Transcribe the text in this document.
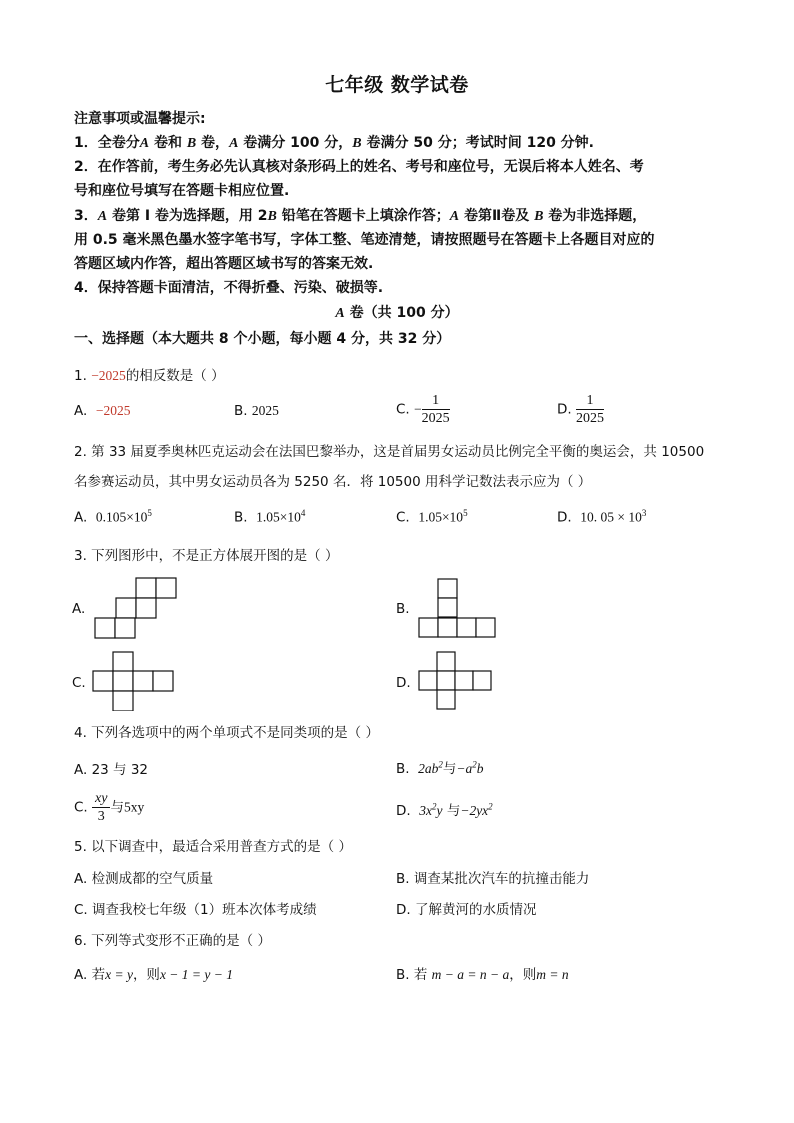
七年级 数学试卷
注意事项或温馨提示:
1．全卷分A 卷和 B 卷，A 卷满分 100 分，B 卷满分 50 分；考试时间 120 分钟.
2．在作答前，考生务必先认真核对条形码上的姓名、考号和座位号，无误后将本人姓名、考
号和座位号填写在答题卡相应位置.
3．A 卷第 Ⅰ 卷为选择题，用 2B 铅笔在答题卡上填涂作答；A 卷第Ⅱ卷及 B 卷为非选择题，
用 0.5 毫米黑色墨水签字笔书写，字体工整、笔迹清楚，请按照题号在答题卡上各题目对应的
答题区域内作答，超出答题区域书写的答案无效.
4．保持答题卡面清洁，不得折叠、污染、破损等.
A 卷（共 100 分）
一、选择题（本大题共 8 个小题，每小题 4 分，共 32 分）
1. −2025的相反数是（ ）
A. −2025	B. 2025	C. − $\frac{1}{2025}$	D. $\frac{1}{2025}$
2. 第 33 届夏季奥林匹克运动会在法国巴黎举办，这是首届男女运动员比例完全平衡的奥运会，共 10500
名参赛运动员，其中男女运动员各为 5250 名．将 10500 用科学记数法表示应为（ ）
A. $0.105\times 10^5$	B. $1.05\times 10^4$	C. $1.05\times 10^5$	D. 10. $05 \times 10^3$
3. 下列图形中，不是正方体展开图的是（ ）
A.	B.
C.	D.
4. 下列各选项中的两个单项式不是同类项的是（ ）
A. 23 与 32	B. $2ab^2$与$-a^2b$
C. $\frac{xy}{3}$ 与5xy	D. $3x^2y$ 与$-2yx^2$
5. 以下调查中，最适合采用普查方式的是（ ）
A. 检测成都的空气质量	B. 调查某批次汽车的抗撞击能力
C. 调查我校七年级（1）班本次体考成绩	D. 了解黄河的水质情况
6. 下列等式变形不正确的是（ ）
A. 若x = y，则x − 1 = y − 1	B. 若 m − a = n − a，则m = n
